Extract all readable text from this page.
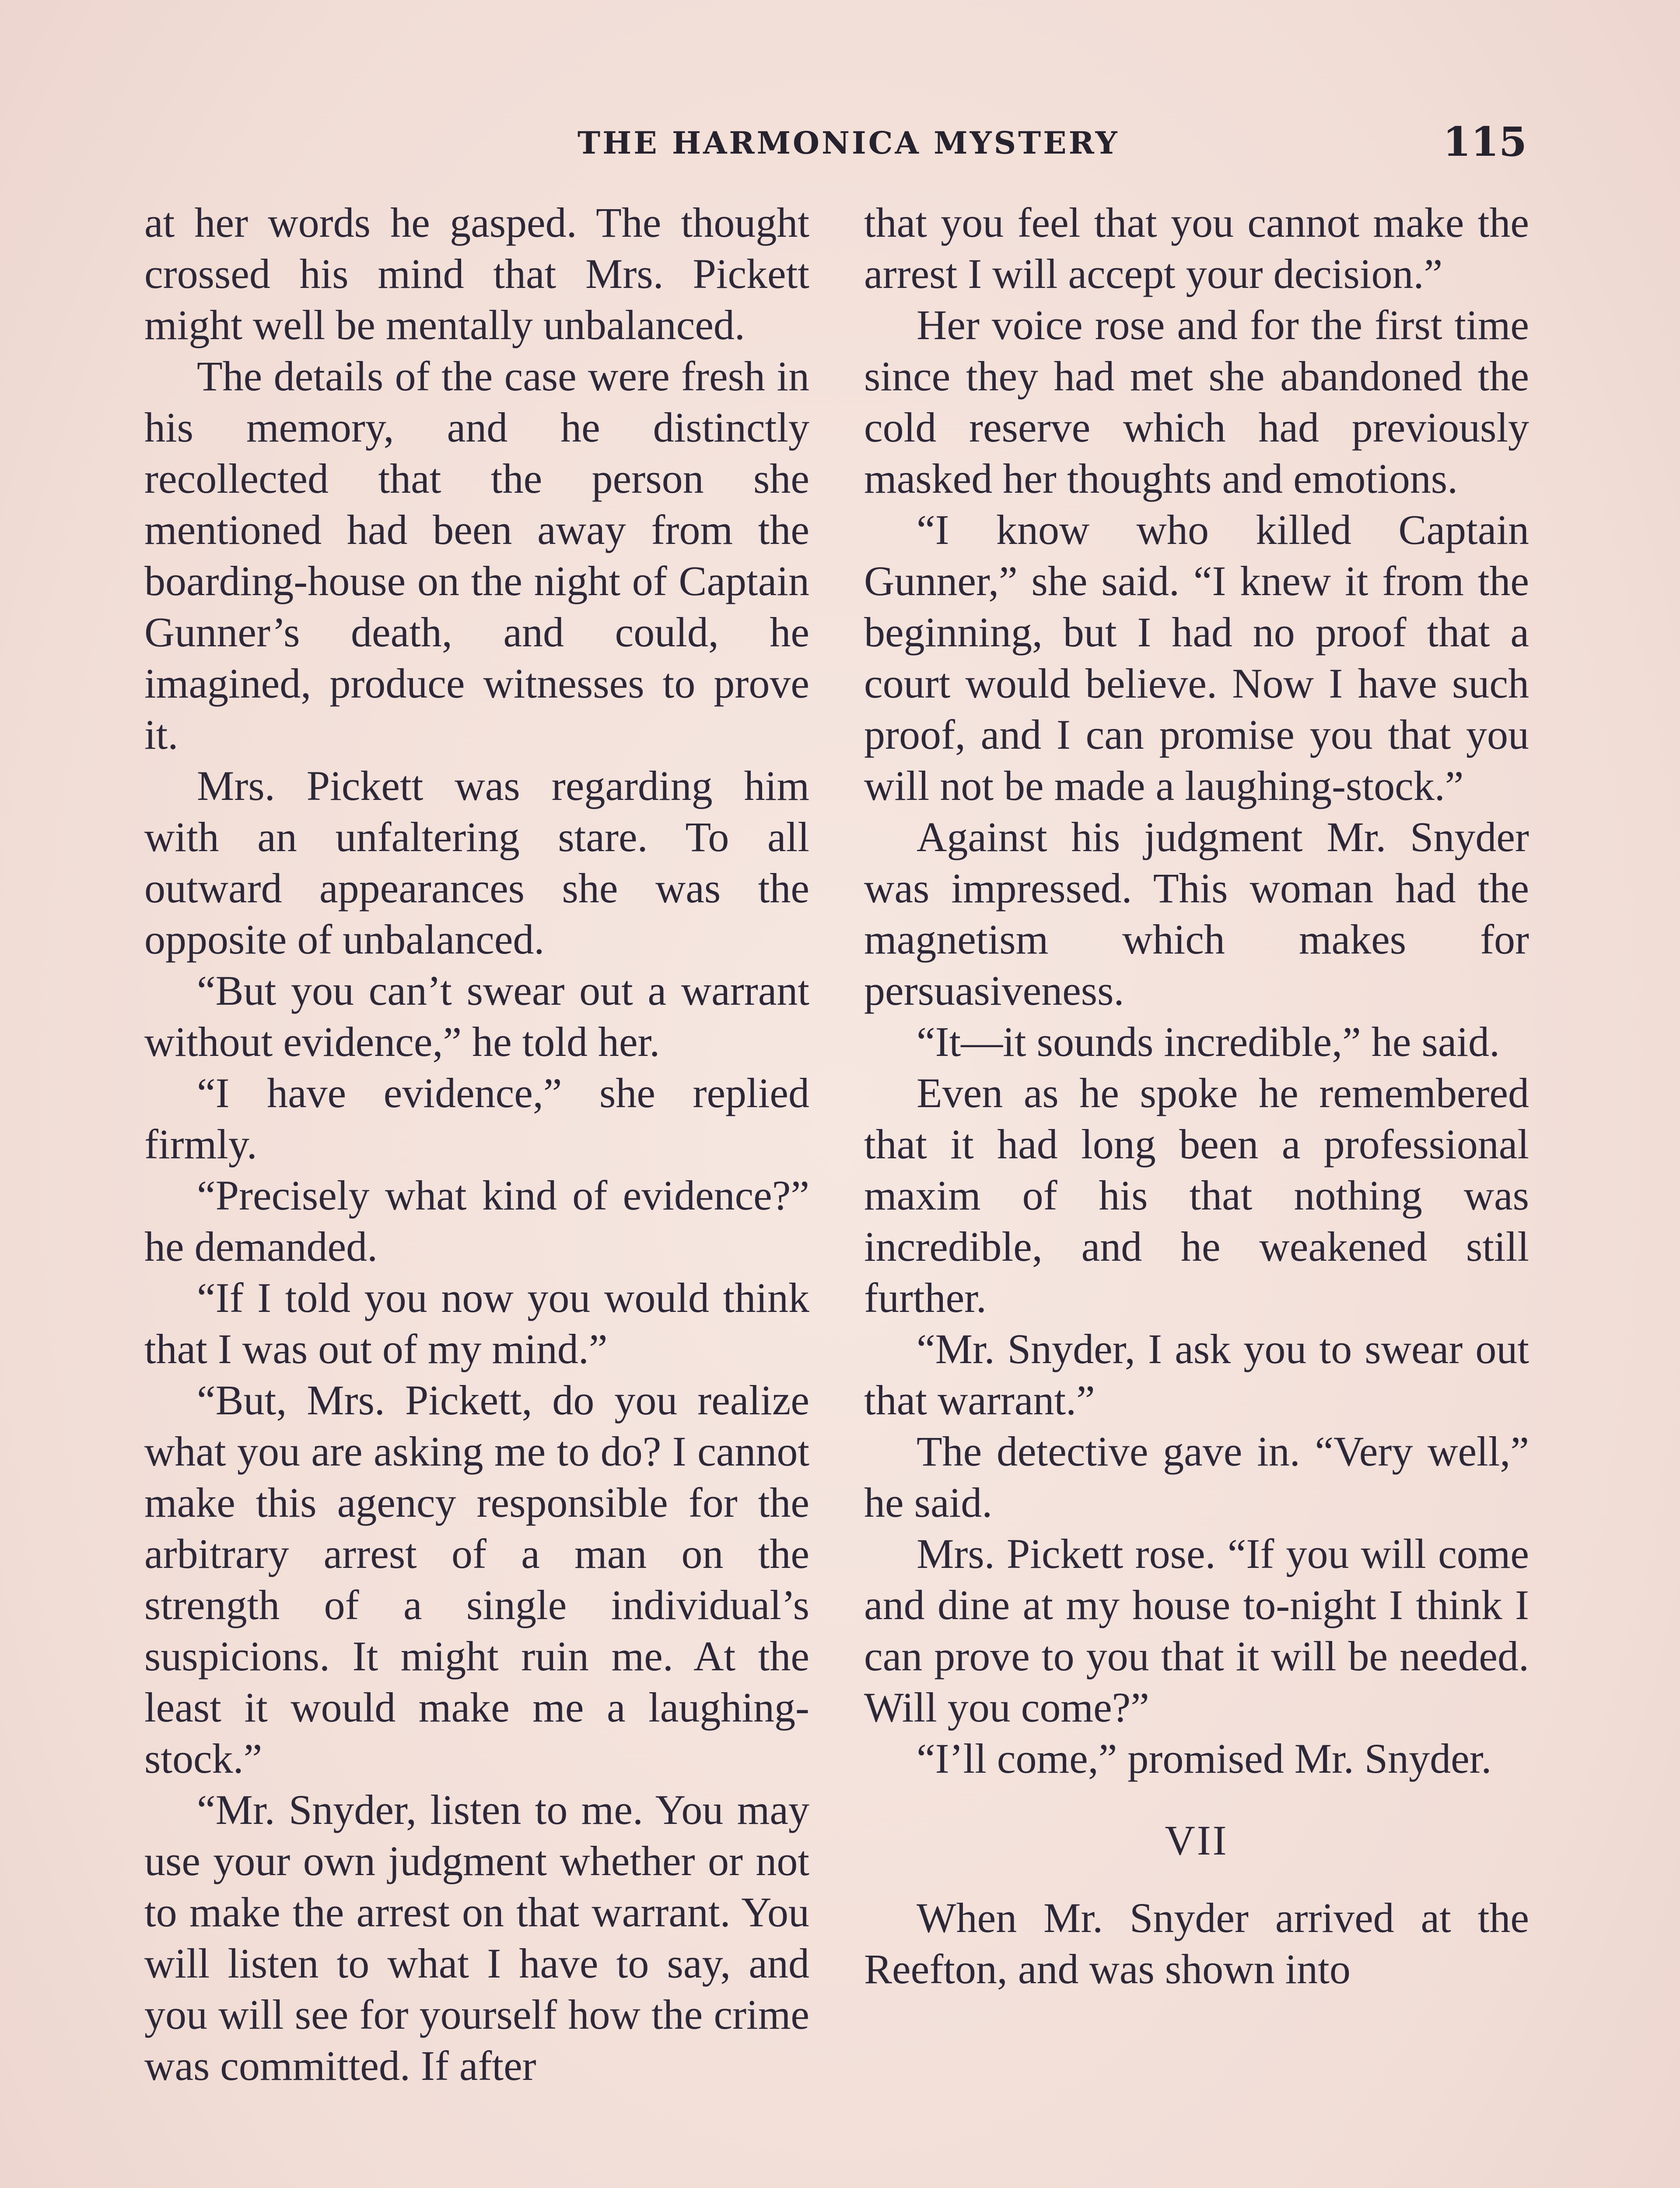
THE HARMONICA MYSTERY	115

at her words he gasped. The thought crossed his mind that Mrs. Pickett might well be mentally unbalanced.

The details of the case were fresh in his memory, and he distinctly recollected that the person she mentioned had been away from the boarding-house on the night of Captain Gunner’s death, and could, he imagined, produce witnesses to prove it.

Mrs. Pickett was regarding him with an unfaltering stare. To all outward appearances she was the opposite of unbalanced.

“But you can’t swear out a warrant without evidence,” he told her.

“I have evidence,” she replied firmly.

“Precisely what kind of evidence?” he demanded.

“If I told you now you would think that I was out of my mind.”

“But, Mrs. Pickett, do you realize what you are asking me to do? I cannot make this agency responsible for the arbitrary arrest of a man on the strength of a single individual’s suspicions. It might ruin me. At the least it would make me a laughing-stock.”

“Mr. Snyder, listen to me. You may use your own judgment whether or not to make the arrest on that warrant. You will listen to what I have to say, and you will see for yourself how the crime was committed. If after

that you feel that you cannot make the arrest I will accept your decision.”

Her voice rose and for the first time since they had met she abandoned the cold reserve which had previously masked her thoughts and emotions.

“I know who killed Captain Gunner,” she said. “I knew it from the beginning, but I had no proof that a court would believe. Now I have such proof, and I can promise you that you will not be made a laughing-stock.”

Against his judgment Mr. Snyder was impressed. This woman had the magnetism which makes for persuasiveness.

“It—it sounds incredible,” he said.

Even as he spoke he remembered that it had long been a professional maxim of his that nothing was incredible, and he weakened still further.

“Mr. Snyder, I ask you to swear out that warrant.”

The detective gave in. “Very well,” he said.

Mrs. Pickett rose. “If you will come and dine at my house to-night I think I can prove to you that it will be needed. Will you come?”

“I’ll come,” promised Mr. Snyder.

VII

When Mr. Snyder arrived at the Reefton, and was shown into
